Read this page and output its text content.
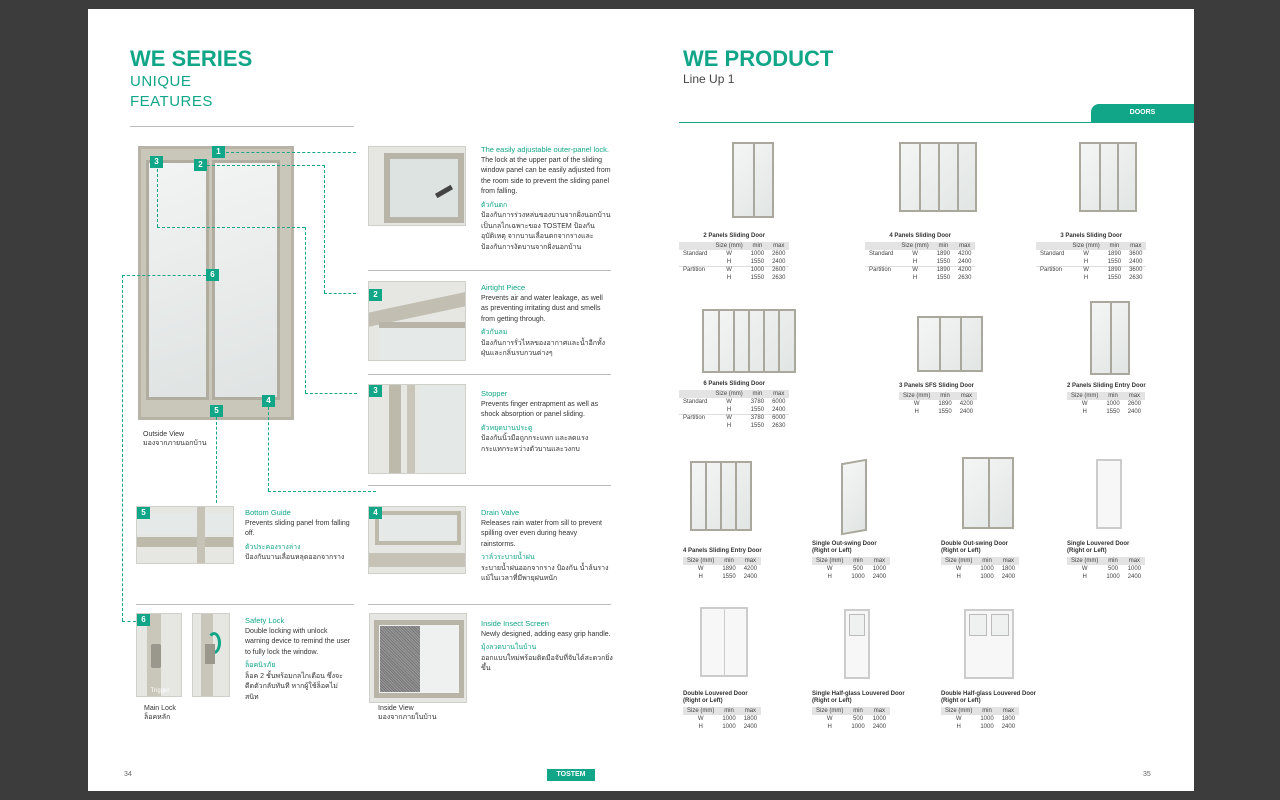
WE SERIES
UNIQUE
FEATURES
1
3	2
6
5
4
Outside View
มองจากภายนอกบ้าน
The easily adjustable outer-panel lock.
The lock at the upper part of the sliding window panel can be easily adjusted from the room side to prevent the sliding panel from falling.
ตัวกันตก
ป้องกันการร่วงหล่นของบานจากฝั่งนอกบ้าน เป็นกลไกเฉพาะของ TOSTEM ป้องกันอุบัติเหตุ จากบานเลื่อนตกจากรางและป้องกันการงัดบานจากฝั่งนอกบ้าน
2
Airtight Piece
Prevents air and water leakage, as well as preventing irritating dust and smells from getting through.
ตัวกันลม
ป้องกันการรั่วไหลของอากาศและน้ำอีกทั้งฝุ่นและกลิ่นรบกวนต่างๆ
3	Stopper
Prevents finger entrapment as well as shock absorption or panel sliding.
ตัวหยุดบานประตู
ป้องกันนิ้วมือถูกกระแทก และลดแรงกระแทกระหว่างตัวบานและวงกบ
4	Drain Valve
Releases rain water from sill to prevent spilling over even during heavy rainstorms.
วาล์วระบายน้ำฝน
ระบายน้ำฝนออกจากราง ป้องกัน น้ำล้นรางแม้ในเวลาที่มีพายุฝนหนัก
5	Bottom Guide
Prevents sliding panel from falling off.
ตัวประคองรางล่าง
ป้องกันบานเลื่อนหลุดออกจากราง
Trigger
6	Safety Lock
Double locking with unlock warning device to remind the user to fully lock the window.
ล็อคนิรภัย
ล็อค 2 ชั้นพร้อมกลไกเตือน ซึ่งจะดีดตัวกลับทันที หากผู้ใช้ล็อคไม่สนิท
Main Lock
ล็อคหลัก
Inside Insect Screen
Newly designed, adding easy grip handle.
มุ้งลวดบานในบ้าน
ออกแบบใหม่พร้อมติดมือจับที่จับได้สะดวกยิ่งขึ้น
Inside View
มองจากภายในบ้าน
34	TOSTEM
WE PRODUCT
Line Up 1
DOORS
2 Panels Sliding Door
	Size (mm)	min	max
Standard	W	1000	2600
	H	1550	2400
Partition	W	1000	2600
	H	1550	2630
4 Panels Sliding Door
	Size (mm)	min	max
Standard	W	1890	4200
	H	1550	2400
Partition	W	1890	4200
	H	1550	2630
3 Panels Sliding Door
	Size (mm)	min	max
Standard	W	1890	3600
	H	1550	2400
Partition	W	1890	3600
	H	1550	2630
6 Panels Sliding Door
	Size (mm)	min	max
Standard	W	3780	6000
	H	1550	2400
Partition	W	3780	6000
	H	1550	2630
3 Panels SFS Sliding Door
Size (mm)	min	max
W	1890	4200
H	1550	2400
2 Panels Sliding Entry Door
Size (mm)	min	max
W	1000	2600
H	1550	2400
4 Panels Sliding Entry Door
Size (mm)	min	max
W	1890	4200
H	1550	2400
Single Out-swing Door
(Right or Left)
Size (mm)	min	max
W	500	1000
H	1000	2400
Double Out-swing Door
(Right or Left)
Size (mm)	min	max
W	1000	1800
H	1000	2400
Single Louvered Door
(Right or Left)
Size (mm)	min	max
W	500	1000
H	1000	2400
Double Louvered Door
(Right or Left)
Size (mm)	min	max
W	1000	1800
H	1000	2400
Single Half-glass Louvered Door
(Right or Left)
Size (mm)	min	max
W	500	1000
H	1000	2400
Double Half-glass Louvered Door
(Right or Left)
Size (mm)	min	max
W	1000	1800
H	1000	2400
35
